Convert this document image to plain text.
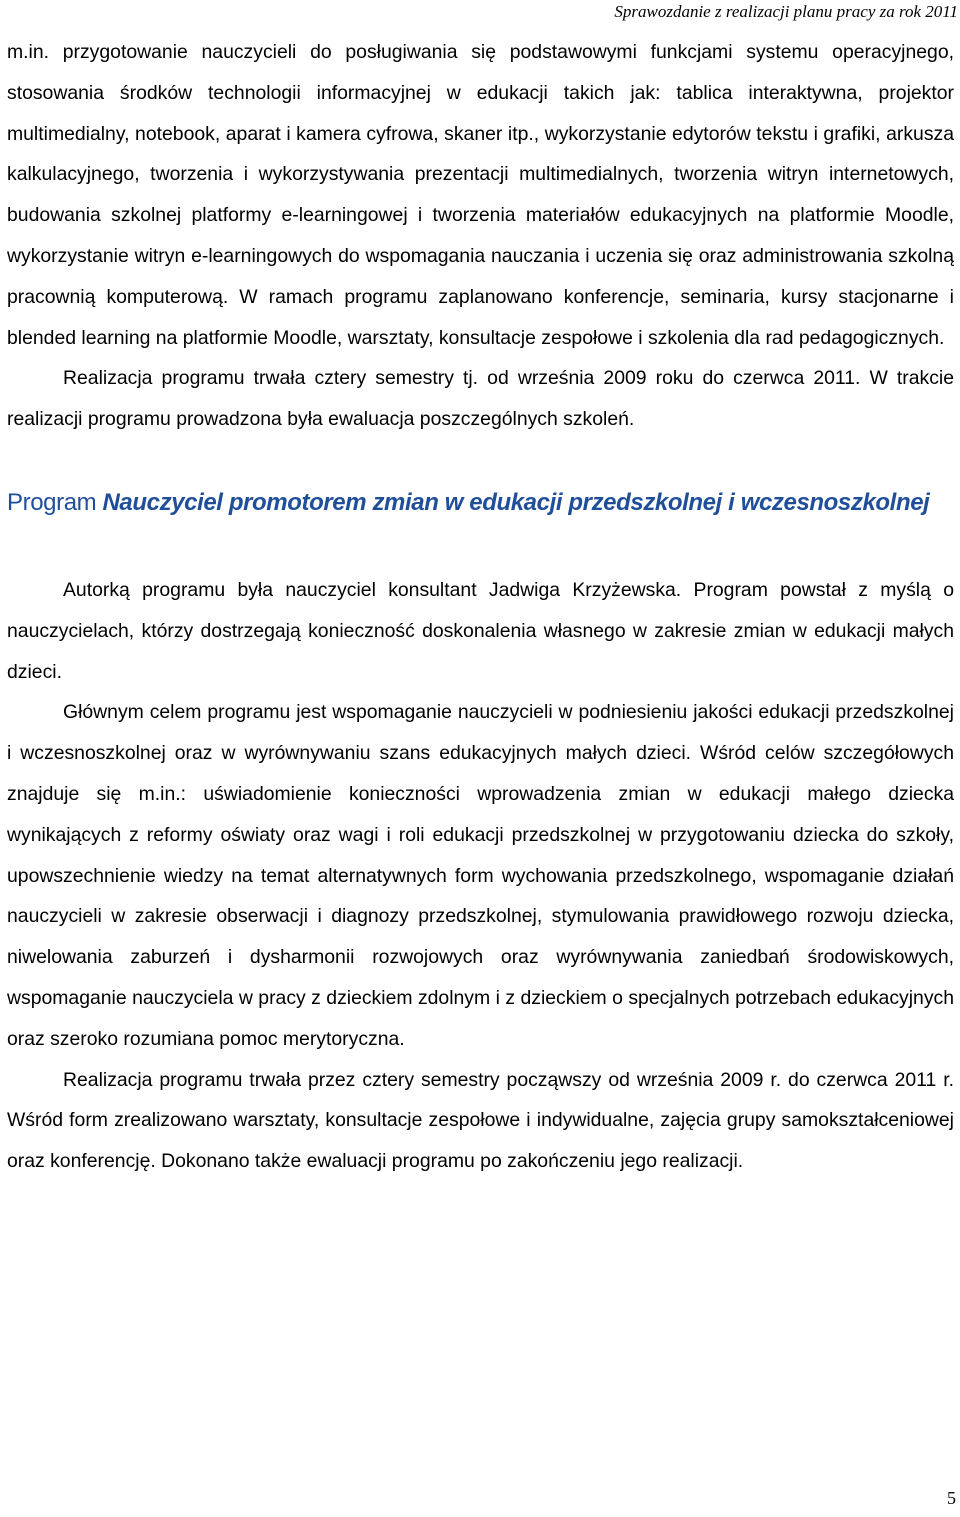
Sprawozdanie z realizacji planu pracy za rok 2011

m.in. przygotowanie nauczycieli do posługiwania się podstawowymi funkcjami systemu operacyjnego, stosowania środków technologii informacyjnej w edukacji takich jak: tablica interaktywna, projektor multimedialny, notebook, aparat i kamera cyfrowa, skaner itp., wykorzystanie edytorów tekstu i grafiki, arkusza kalkulacyjnego, tworzenia i wykorzystywania prezentacji multimedialnych, tworzenia witryn internetowych, budowania szkolnej platformy e-learningowej i tworzenia materiałów edukacyjnych na platformie Moodle, wykorzystanie witryn e-learningowych do wspomagania nauczania i uczenia się oraz administrowania szkolną pracownią komputerową. W ramach programu zaplanowano konferencje, seminaria, kursy stacjonarne i blended learning na platformie Moodle, warsztaty, konsultacje zespołowe i szkolenia dla rad pedagogicznych.

Realizacja programu trwała cztery semestry tj. od września 2009 roku do czerwca 2011. W trakcie realizacji programu prowadzona była ewaluacja poszczególnych szkoleń.

Program Nauczyciel promotorem zmian w edukacji przedszkolnej i wczesnoszkolnej

Autorką programu była nauczyciel konsultant Jadwiga Krzyżewska. Program powstał z myślą o nauczycielach, którzy dostrzegają konieczność doskonalenia własnego w zakresie zmian w edukacji małych dzieci.

Głównym celem programu jest wspomaganie nauczycieli w podniesieniu jakości edukacji przedszkolnej i wczesnoszkolnej oraz w wyrównywaniu szans edukacyjnych małych dzieci. Wśród celów szczegółowych znajduje się m.in.: uświadomienie konieczności wprowadzenia zmian w edukacji małego dziecka wynikających z reformy oświaty oraz wagi i roli edukacji przedszkolnej w przygotowaniu dziecka do szkoły, upowszechnienie wiedzy na temat alternatywnych form wychowania przedszkolnego, wspomaganie działań nauczycieli w zakresie obserwacji i diagnozy przedszkolnej, stymulowania prawidłowego rozwoju dziecka, niwelowania zaburzeń i dysharmonii rozwojowych oraz wyrównywania zaniedbań środowiskowych, wspomaganie nauczyciela w pracy z dzieckiem zdolnym i z dzieckiem o specjalnych potrzebach edukacyjnych oraz szeroko rozumiana pomoc merytoryczna.

Realizacja programu trwała przez cztery semestry począwszy od września 2009 r. do czerwca 2011 r. Wśród form zrealizowano warsztaty, konsultacje zespołowe i indywidualne, zajęcia grupy samokształceniowej oraz konferencję. Dokonano także ewaluacji programu po zakończeniu jego realizacji.

5
